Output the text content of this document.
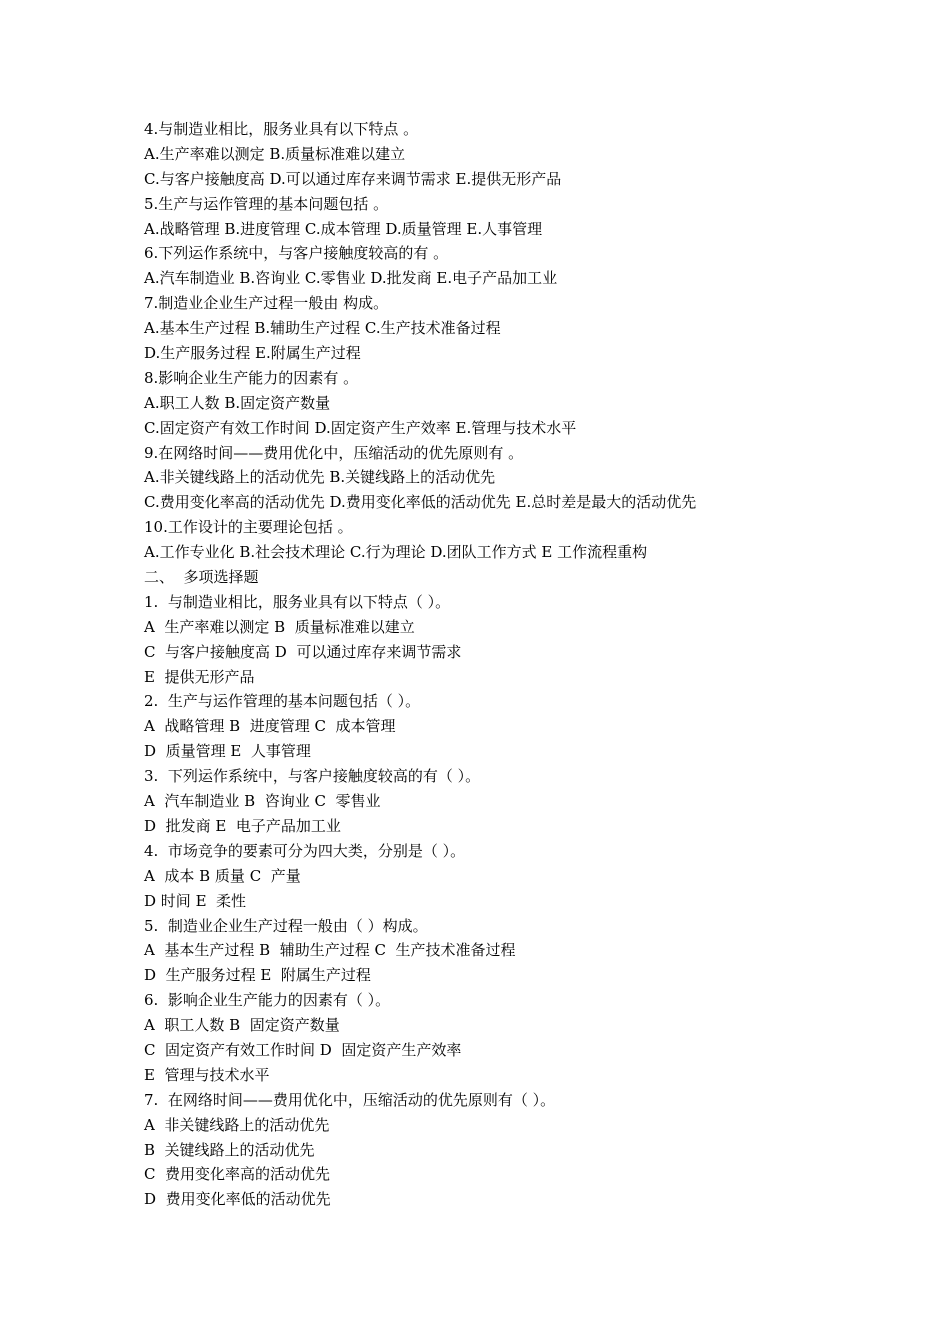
4.与制造业相比，服务业具有以下特点 。
A.生产率难以测定 B.质量标准难以建立
C.与客户接触度高 D.可以通过库存来调节需求 E.提供无形产品
5.生产与运作管理的基本问题包括 。
A.战略管理 B.进度管理 C.成本管理 D.质量管理 E.人事管理
6.下列运作系统中，与客户接触度较高的有 。
A.汽车制造业 B.咨询业 C.零售业 D.批发商 E.电子产品加工业
7.制造业企业生产过程一般由 构成。
A.基本生产过程 B.辅助生产过程 C.生产技术准备过程
D.生产服务过程 E.附属生产过程
8.影响企业生产能力的因素有 。
A.职工人数 B.固定资产数量
C.固定资产有效工作时间 D.固定资产生产效率 E.管理与技术水平
9.在网络时间——费用优化中，压缩活动的优先原则有 。
A.非关键线路上的活动优先 B.关键线路上的活动优先
C.费用变化率高的活动优先 D.费用变化率低的活动优先 E.总时差是最大的活动优先
10.工作设计的主要理论包括 。
A.工作专业化 B.社会技术理论 C.行为理论 D.团队工作方式 E 工作流程重构
二、  多项选择题
1.  与制造业相比，服务业具有以下特点（ ）。
A  生产率难以测定 B  质量标准难以建立
C  与客户接触度高 D  可以通过库存来调节需求
E  提供无形产品
2.  生产与运作管理的基本问题包括（ ）。
A  战略管理 B  进度管理 C  成本管理
D  质量管理 E  人事管理
3.  下列运作系统中，与客户接触度较高的有（ ）。
A  汽车制造业 B  咨询业 C  零售业
D  批发商 E  电子产品加工业
4.  市场竞争的要素可分为四大类，分别是（ ）。
A  成本 B 质量 C  产量
D 时间 E  柔性
5.  制造业企业生产过程一般由（ ）构成。
A  基本生产过程 B  辅助生产过程 C  生产技术准备过程
D  生产服务过程 E  附属生产过程
6.  影响企业生产能力的因素有（ ）。
A  职工人数 B  固定资产数量
C  固定资产有效工作时间 D  固定资产生产效率
E  管理与技术水平
7.  在网络时间——费用优化中，压缩活动的优先原则有（ ）。
A  非关键线路上的活动优先
B  关键线路上的活动优先
C  费用变化率高的活动优先
D  费用变化率低的活动优先
